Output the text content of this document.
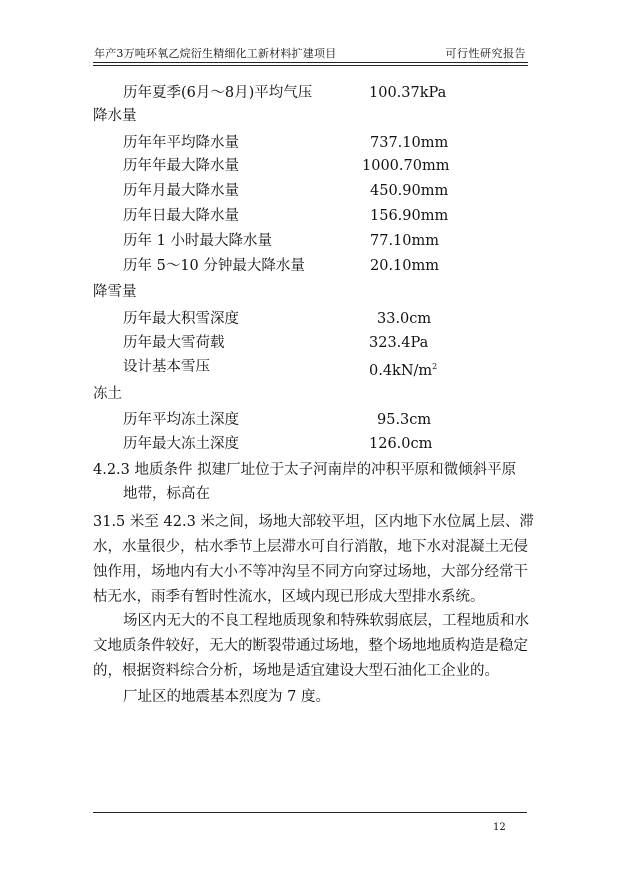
年产3万吨环氧乙烷衍生精细化工新材料扩建项目	可行性研究报告
历年夏季(6月～8月)平均气压	100.37kPa
降水量
历年年平均降水量	737.10mm
历年年最大降水量	1000.70mm
历年月最大降水量	450.90mm
历年日最大降水量	156.90mm
历年 1 小时最大降水量	77.10mm
历年 5～10 分钟最大降水量	20.10mm
降雪量
历年最大积雪深度	33.0cm
历年最大雪荷载	323.4Pa
设计基本雪压	$0.4kN/m^2$
冻土
历年平均冻土深度	95.3cm
历年最大冻土深度	126.0cm
4.2.3 地质条件 拟建厂址位于太子河南岸的冲积平原和微倾斜平原
地带，标高在
31.5 米至 42.3 米之间，场地大部较平坦，区内地下水位属上层、滞
水，水量很少，枯水季节上层滞水可自行消散，地下水对混凝土无侵
蚀作用，场地内有大小不等冲沟呈不同方向穿过场地，大部分经常干
枯无水，雨季有暂时性流水，区域内现已形成大型排水系统。
场区内无大的不良工程地质现象和特殊软弱底层，工程地质和水
文地质条件较好，无大的断裂带通过场地，整个场地地质构造是稳定
的，根据资料综合分析，场地是适宜建设大型石油化工企业的。
厂址区的地震基本烈度为 7 度。
12
